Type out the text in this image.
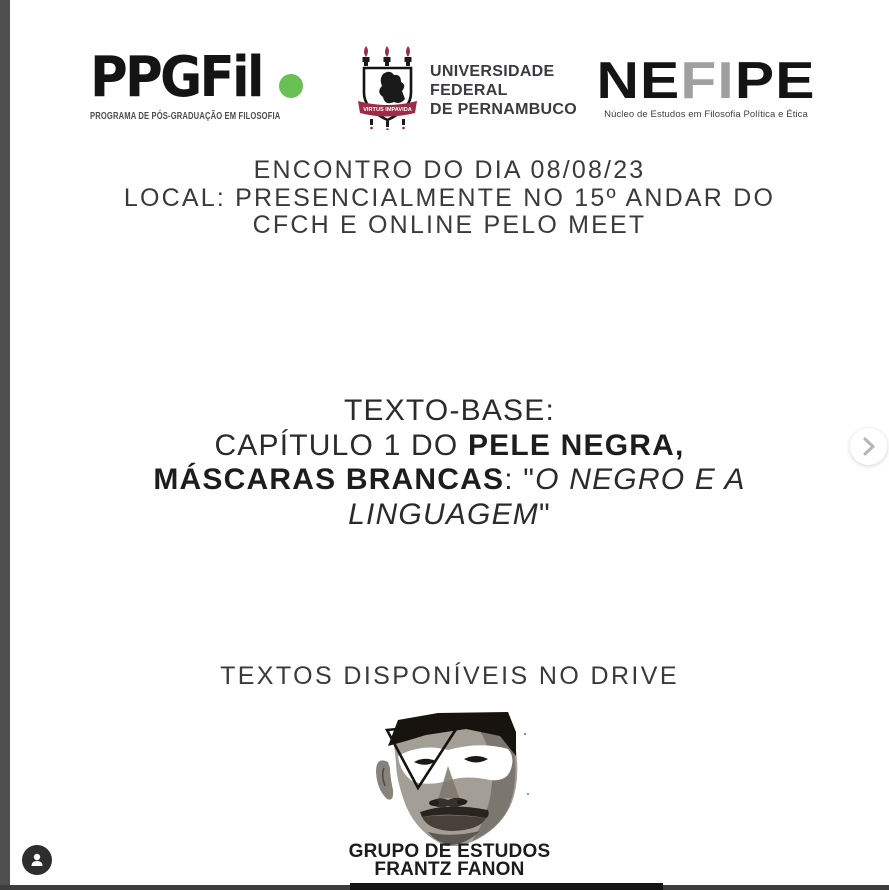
PPGFil
PROGRAMA DE PÓS-GRADUAÇÃO EM FILOSOFIA
VIRTUS IMPAVIDA
UNIVERSIDADE
FEDERAL
DE PERNAMBUCO NEFIPE
Núcleo de Estudos em Filosofia Política e Ética
ENCONTRO DO DIA 08/08/23
LOCAL: PRESENCIALMENTE NO 15º ANDAR DO
CFCH E ONLINE PELO MEET
TEXTO-BASE:
CAPÍTULO 1 DO PELE NEGRA,
MÁSCARAS BRANCAS: "O NEGRO E A
LINGUAGEM"
TEXTOS DISPONÍVEIS NO DRIVE
GRUPO DE ESTUDOS
FRANTZ FANON
